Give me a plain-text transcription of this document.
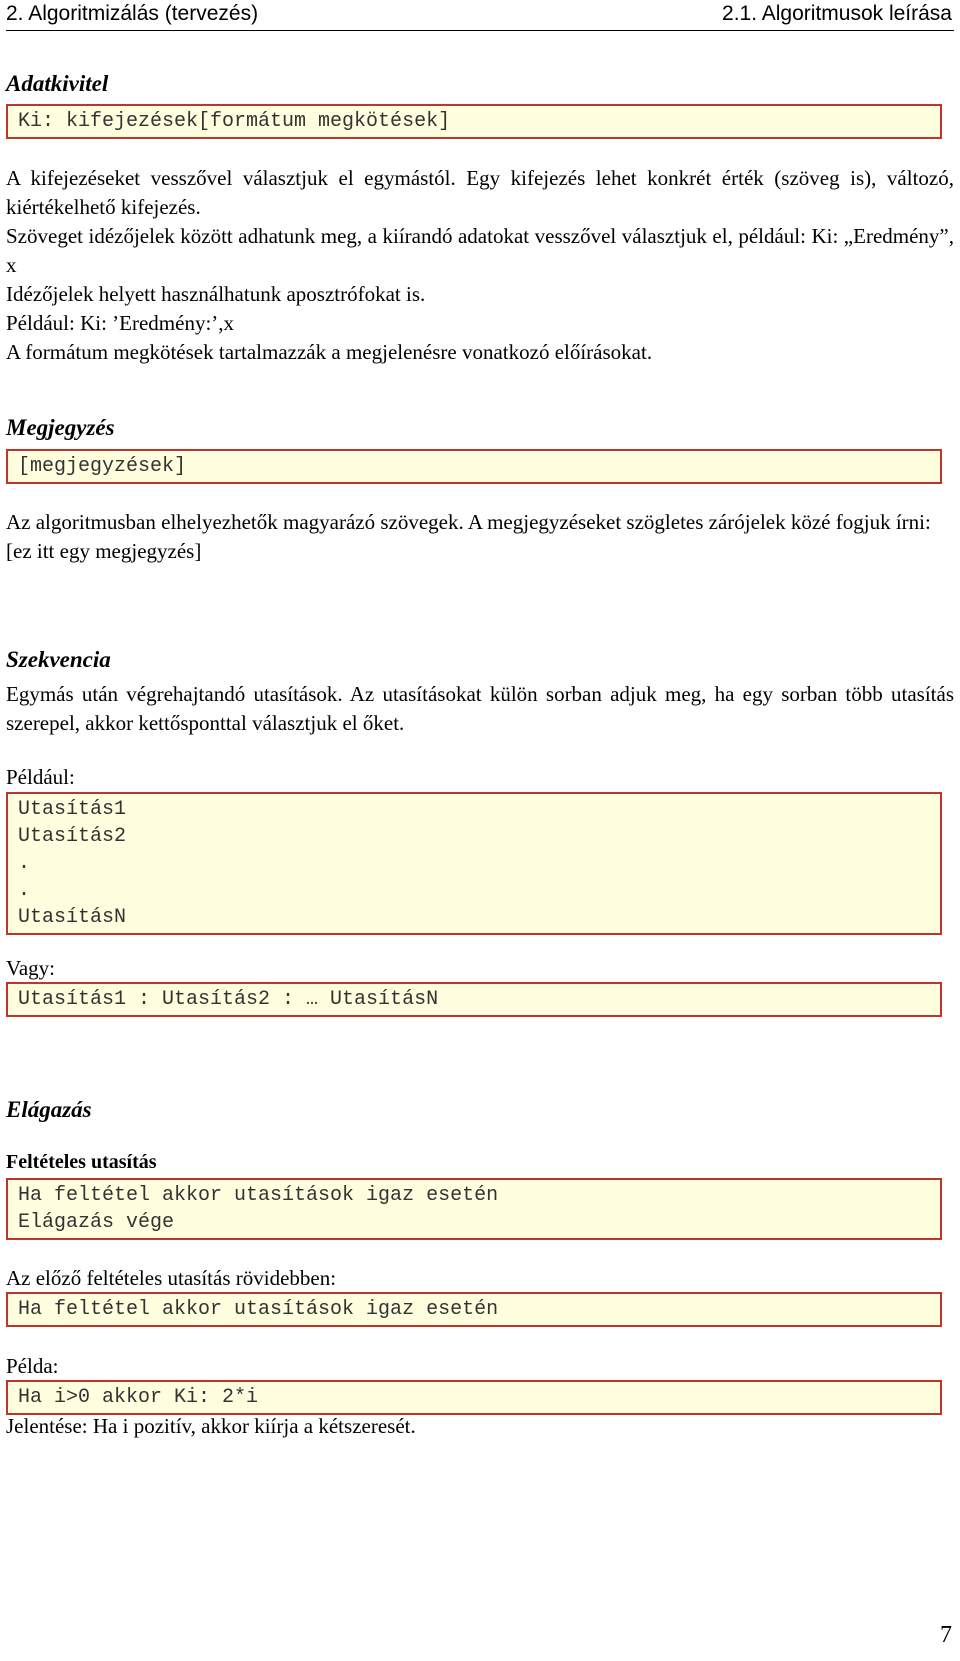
2. Algoritmizálás (tervezés)	2.1. Algoritmusok leírása
Adatkivitel
Ki: kifejezések[formátum megkötések]

A kifejezéseket vesszővel választjuk el egymástól. Egy kifejezés lehet konkrét érték (szöveg is), változó, kiértékelhető kifejezés.

Szöveget idézőjelek között adhatunk meg, a kiírandó adatokat vesszővel választjuk el, például: Ki: „Eredmény”, x

Idézőjelek helyett használhatunk aposztrófokat is.

Például: Ki: ’Eredmény:’,x

A formátum megkötések tartalmazzák a megjelenésre vonatkozó előírásokat.

Megjegyzés
[megjegyzések]

Az algoritmusban elhelyezhetők magyarázó szövegek. A megjegyzéseket szögletes zárójelek közé fogjuk írni:

[ez itt egy megjegyzés]

Szekvencia

Egymás után végrehajtandó utasítások. Az utasításokat külön sorban adjuk meg, ha egy sorban több utasítás szerepel, akkor kettősponttal választjuk el őket.

Például:

Utasítás1
Utasítás2
.
.
UtasításN

Vagy:

Utasítás1 : Utasítás2 : … UtasításN
Elágazás
Feltételes utasítás
Ha feltétel akkor utasítások igaz esetén
Elágazás vége

Az előző feltételes utasítás rövidebben:

Ha feltétel akkor utasítások igaz esetén

Példa:

Ha i>0 akkor Ki: 2*i

Jelentése: Ha i pozitív, akkor kiírja a kétszeresét.

7
